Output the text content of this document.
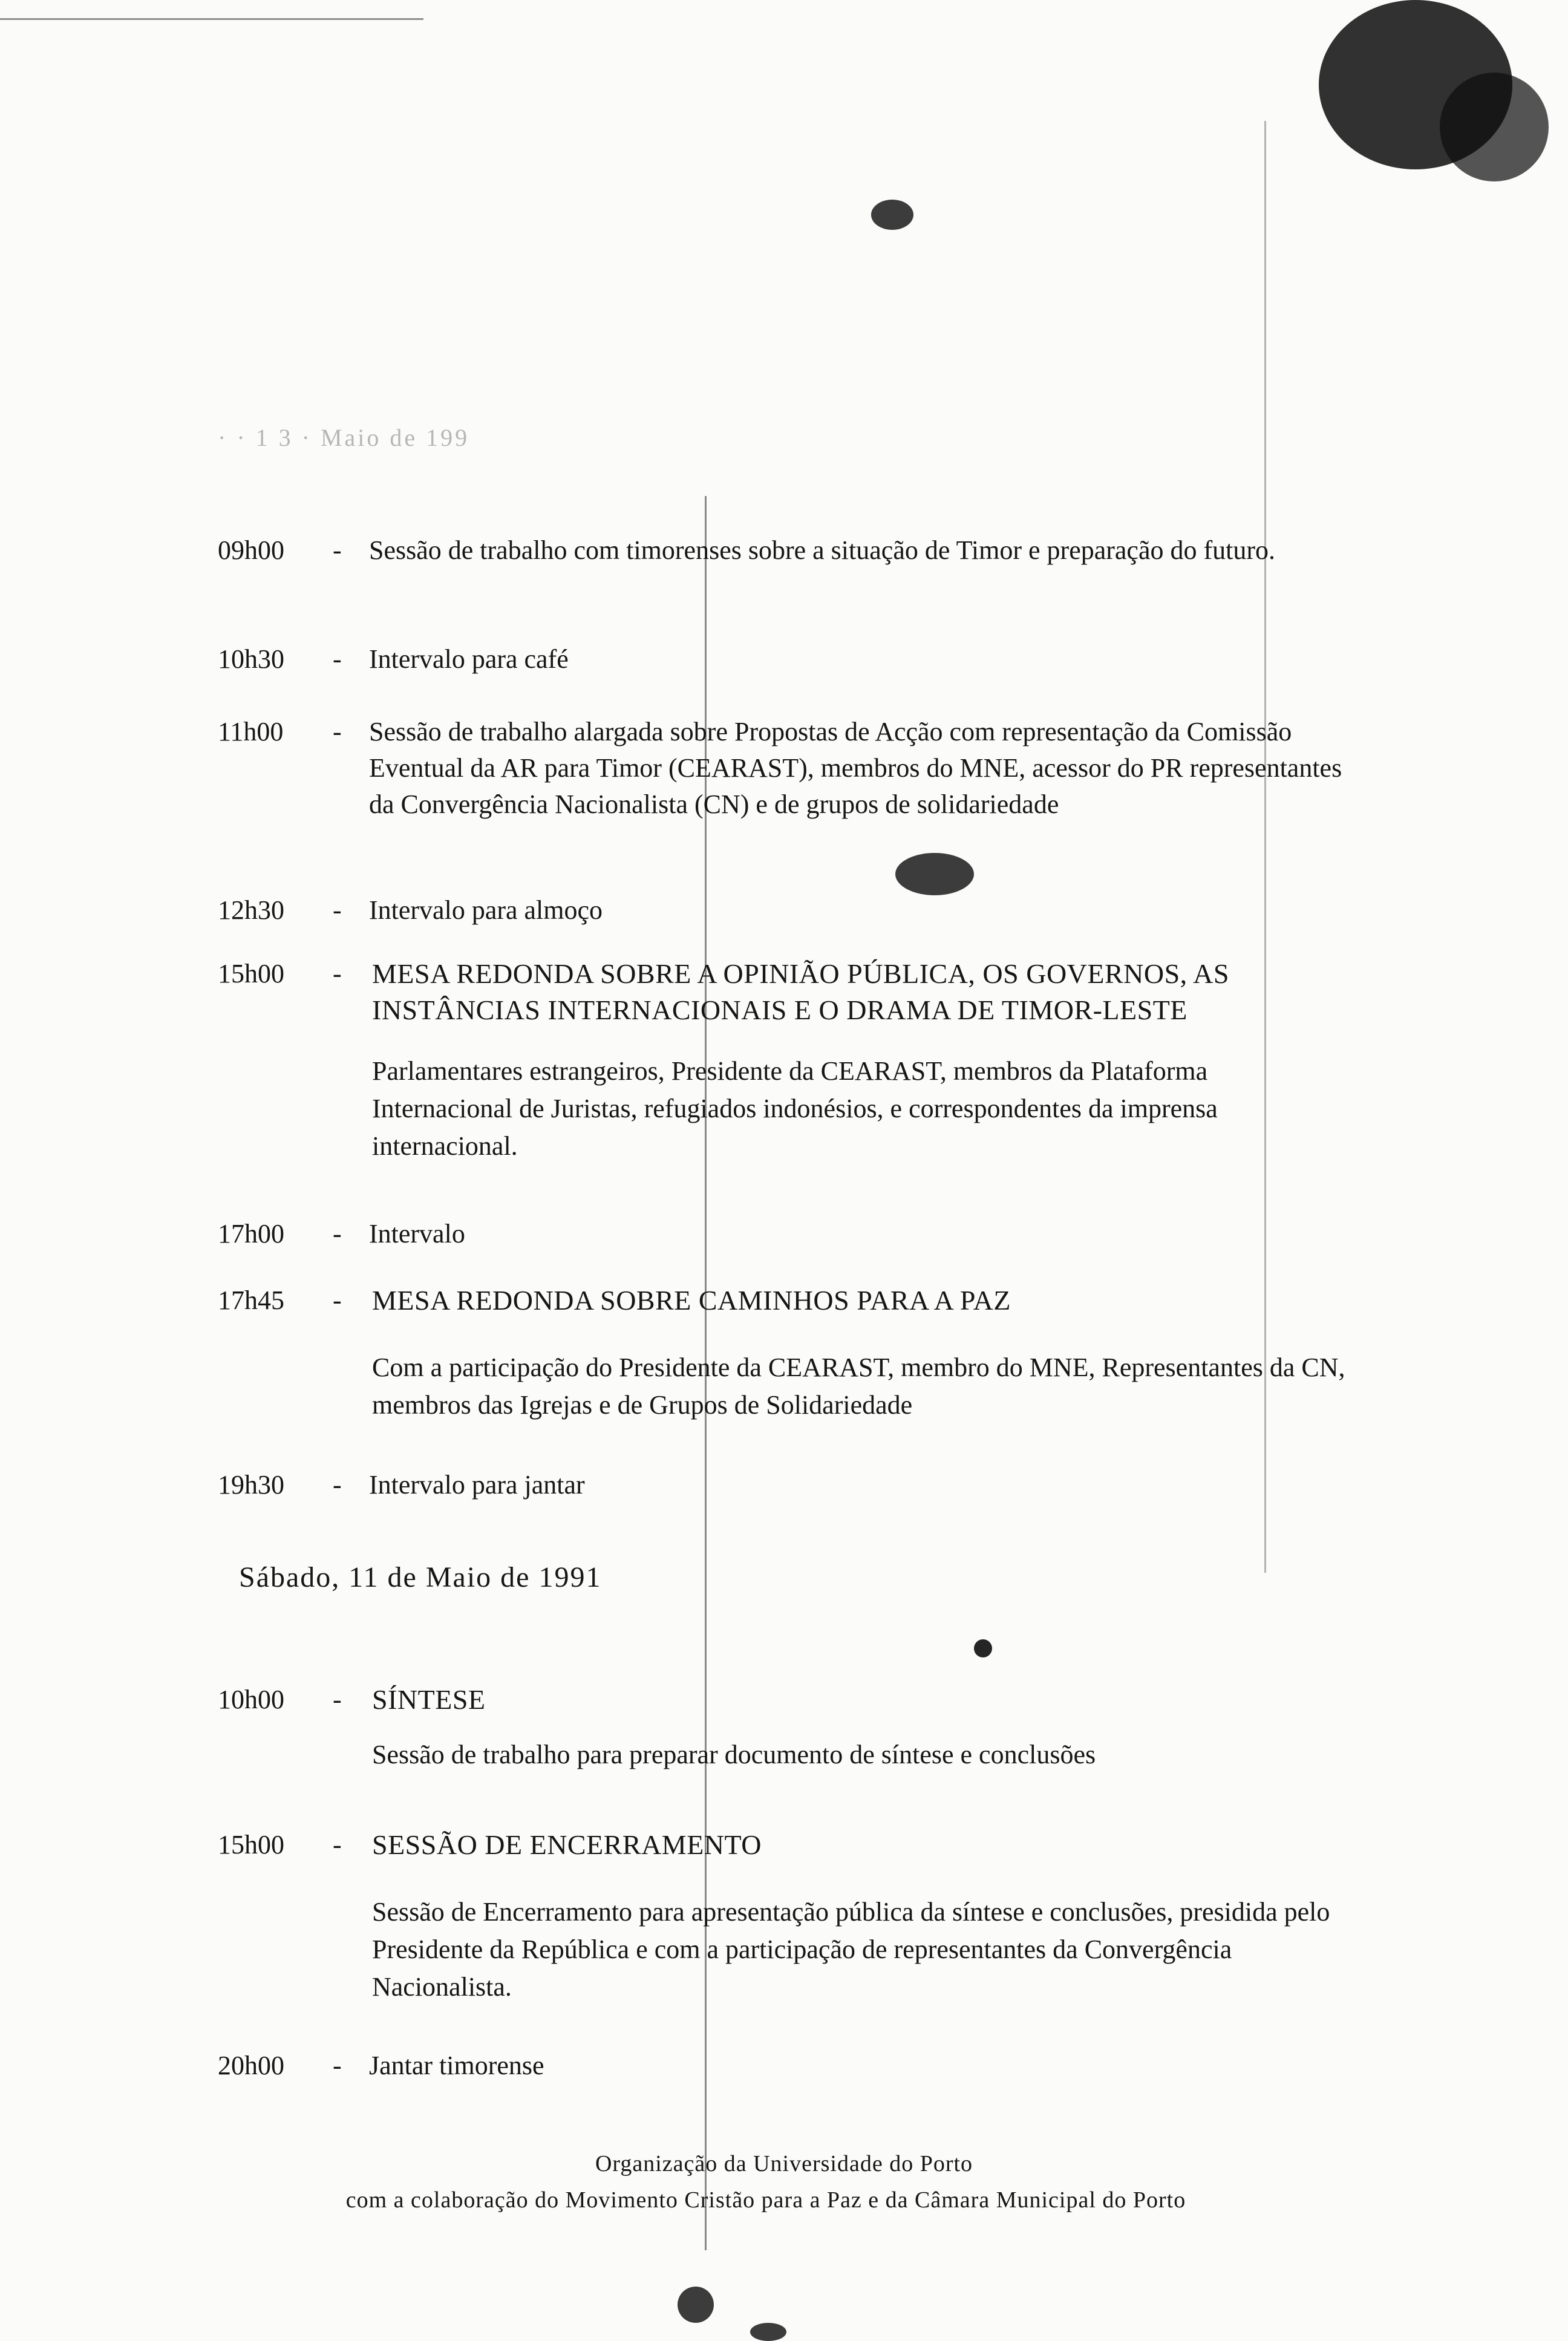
· · 1 3 · Maio de 199
09h00	- Sessão de trabalho com timorenses sobre a situação de Timor e preparação do futuro.
10h30	- Intervalo para café
11h00	- Sessão de trabalho alargada sobre Propostas de Acção com representação da Comissão Eventual da AR para Timor (CEARAST), membros do MNE, acessor do PR representantes da Convergência Nacionalista (CN) e de grupos de solidariedade
12h30	- Intervalo para almoço
15h00	- MESA REDONDA SOBRE A OPINIÃO PÚBLICA, OS GOVERNOS, AS INSTÂNCIAS INTERNACIONAIS E O DRAMA DE TIMOR-LESTE
Parlamentares estrangeiros, Presidente da CEARAST, membros da Plataforma Internacional de Juristas, refugiados indonésios, e correspondentes da imprensa internacional.
17h00	- Intervalo
17h45	- MESA REDONDA SOBRE CAMINHOS PARA A PAZ
Com a participação do Presidente da CEARAST, membro do MNE, Representantes da CN, membros das Igrejas e de Grupos de Solidariedade
19h30	- Intervalo para jantar
Sábado, 11 de Maio de 1991
10h00	- SÍNTESE
Sessão de trabalho para preparar documento de síntese e conclusões
15h00	- SESSÃO DE ENCERRAMENTO
Sessão de Encerramento para apresentação pública da síntese e conclusões, presidida pelo Presidente da República e com a participação de representantes da Convergência Nacionalista.
20h00	- Jantar timorense
Organização da Universidade do Porto
com a colaboração do Movimento Cristão para a Paz e da Câmara Municipal do Porto
